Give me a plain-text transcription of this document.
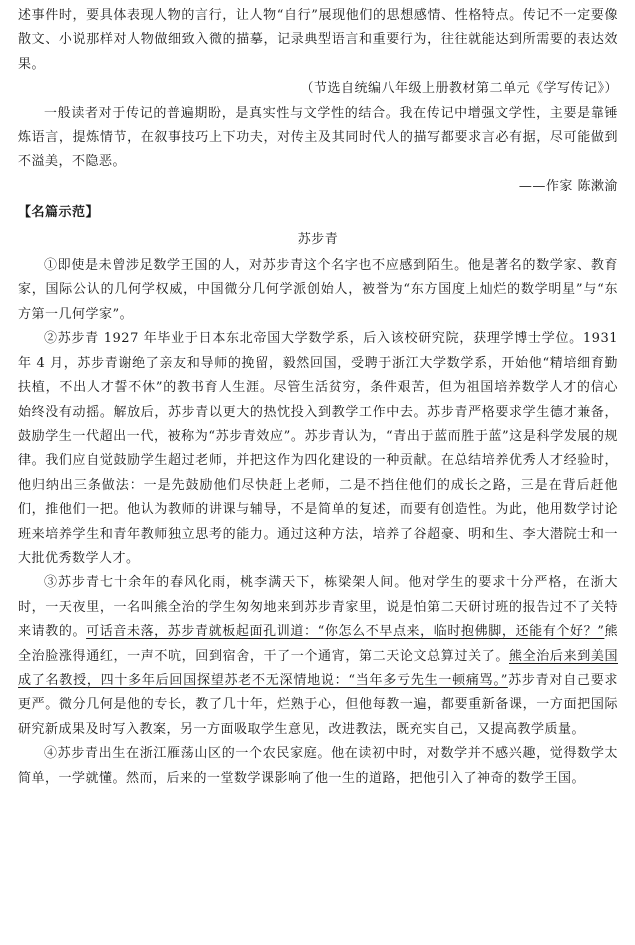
述事件时，要具体表现人物的言行，让人物“自行”展现他们的思想感情、性格特点。传记不一定要像散文、小说那样对人物做细致入微的描摹，记录典型语言和重要行为，往往就能达到所需要的表达效果。

（节选自统编八年级上册教材第二单元《学写传记》）

一般读者对于传记的普遍期盼，是真实性与文学性的结合。我在传记中增强文学性，主要是靠锤炼语言，提炼情节，在叙事技巧上下功夫，对传主及其同时代人的描写都要求言必有据，尽可能做到不溢美，不隐恶。

——作家 陈漱渝

【名篇示范】

苏步青

①即使是未曾涉足数学王国的人，对苏步青这个名字也不应感到陌生。他是著名的数学家、教育家，国际公认的几何学权威，中国微分几何学派创始人，被誉为“东方国度上灿烂的数学明星”与“东方第一几何学家”。

②苏步青 1927 年毕业于日本东北帝国大学数学系，后入该校研究院，获理学博士学位。1931 年 4 月，苏步青谢绝了亲友和导师的挽留，毅然回国，受聘于浙江大学数学系，开始他“精培细育勤扶植，不出人才誓不休”的教书育人生涯。尽管生活贫穷，条件艰苦，但为祖国培养数学人才的信心始终没有动摇。解放后，苏步青以更大的热忱投入到教学工作中去。苏步青严格要求学生德才兼备，鼓励学生一代超出一代，被称为“苏步青效应”。苏步青认为，“青出于蓝而胜于蓝”这是科学发展的规律。我们应自觉鼓励学生超过老师，并把这作为四化建设的一种贡献。在总结培养优秀人才经验时，他归纳出三条做法：一是先鼓励他们尽快赶上老师，二是不挡住他们的成长之路，三是在背后赶他们，推他们一把。他认为教师的讲课与辅导，不是简单的复述，而要有创造性。为此，他用数学讨论班来培养学生和青年教师独立思考的能力。通过这种方法，培养了谷超豪、明和生、李大潜院士和一大批优秀数学人才。

③苏步青七十余年的春风化雨，桃李满天下，栋梁架人间。他对学生的要求十分严格，在浙大时，一天夜里，一名叫熊全治的学生匆匆地来到苏步青家里，说是怕第二天研讨班的报告过不了关特来请教的。可话音未落，苏步青就板起面孔训道：“你怎么不早点来，临时抱佛脚，还能有个好？”熊全治脸涨得通红，一声不吭，回到宿舍，干了一个通宵，第二天论文总算过关了。熊全治后来到美国成了名教授，四十多年后回国探望苏老不无深情地说：“当年多亏先生一顿痛骂。”苏步青对自己要求更严。微分几何是他的专长，教了几十年，烂熟于心，但他每教一遍，都要重新备课，一方面把国际研究新成果及时写入教案，另一方面吸取学生意见，改进教法，既充实自己，又提高教学质量。

④苏步青出生在浙江雁荡山区的一个农民家庭。他在读初中时，对数学并不感兴趣，觉得数学太简单，一学就懂。然而，后来的一堂数学课影响了他一生的道路，把他引入了神奇的数学王国。
